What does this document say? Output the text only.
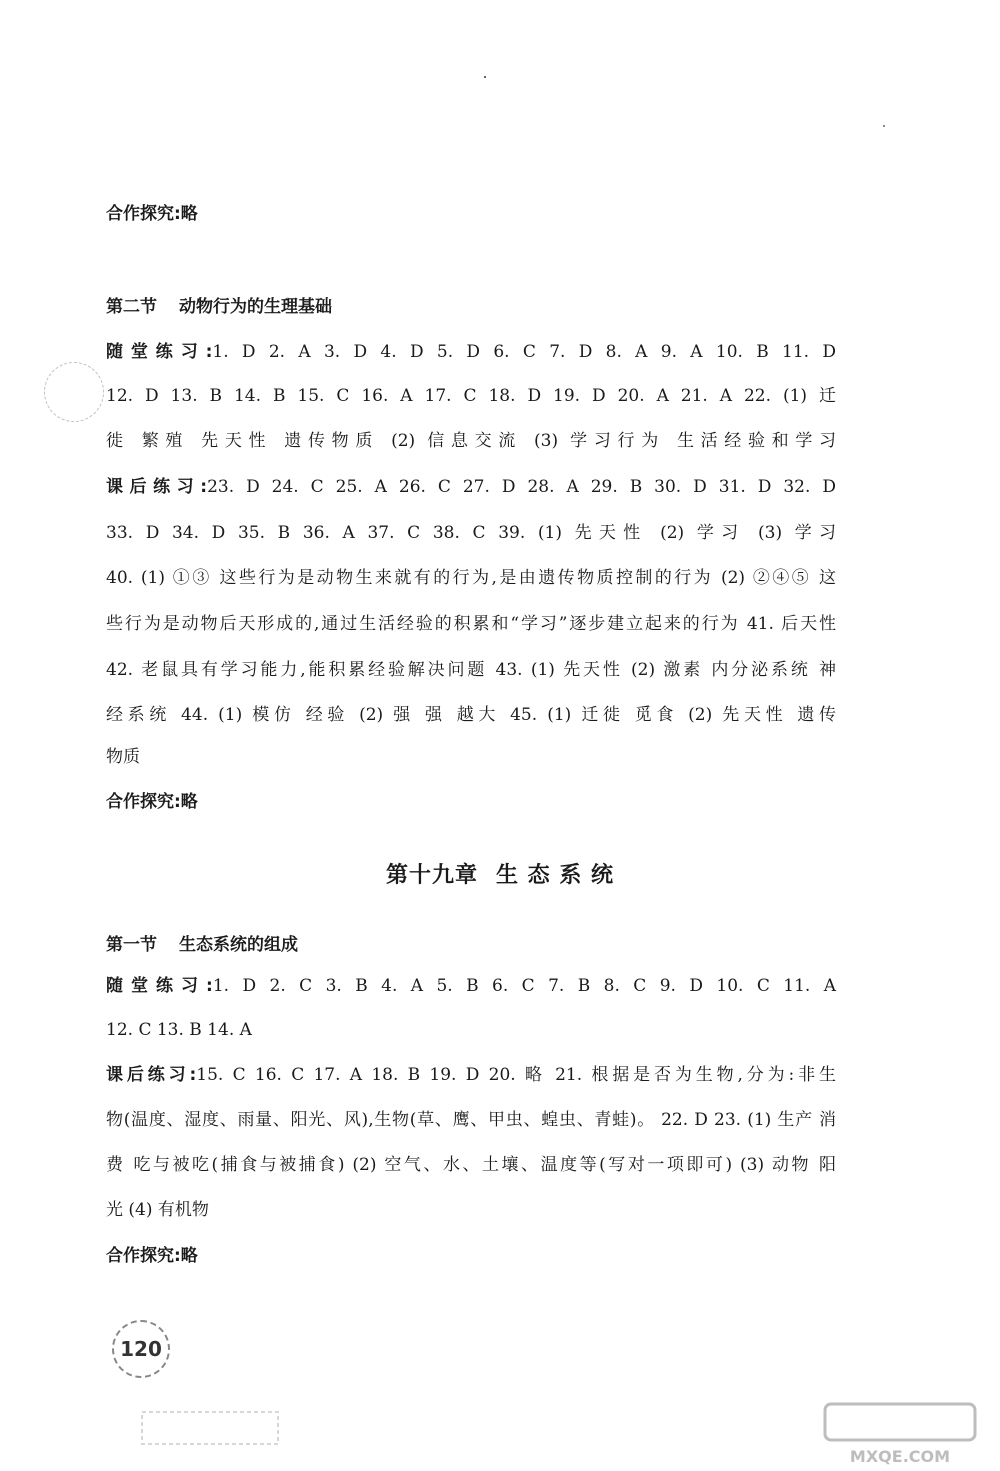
合作探究:略
第二节 动物行为的生理基础
随堂练习:1. D 2. A 3. D 4. D 5. D 6. C 7. D 8. A 9. A 10. B 11. D
12. D 13. B 14. B 15. C 16. A 17. C 18. D 19. D 20. A 21. A 22. (1) 迁
徙 繁殖 先天性 遗传物质 (2) 信息交流 (3) 学习行为 生活经验和学习
课后练习:23. D 24. C 25. A 26. C 27. D 28. A 29. B 30. D 31. D 32. D
33. D 34. D 35. B 36. A 37. C 38. C 39. (1) 先天性 (2) 学习 (3) 学习
40. (1) ①③ 这些行为是动物生来就有的行为,是由遗传物质控制的行为 (2) ②④⑤ 这
些行为是动物后天形成的,通过生活经验的积累和“学习”逐步建立起来的行为 41. 后天性
42. 老鼠具有学习能力,能积累经验解决问题 43. (1) 先天性 (2) 激素 内分泌系统 神
经系统 44. (1) 模仿 经验 (2) 强 强 越大 45. (1) 迁徙 觅食 (2) 先天性 遗传
物质
合作探究:略
第十九章 生 态 系 统
第一节 生态系统的组成
随堂练习:1. D 2. C 3. B 4. A 5. B 6. C 7. B 8. C 9. D 10. C 11. A
12. C 13. B 14. A
课后练习:15. C 16. C 17. A 18. B 19. D 20. 略 21. 根据是否为生物,分为:非生
物(温度、湿度、雨量、阳光、风),生物(草、鹰、甲虫、蝗虫、青蛙)。 22. D 23. (1) 生产 消
费 吃与被吃(捕食与被捕食) (2) 空气、水、土壤、温度等(写对一项即可) (3) 动物 阳
光 (4) 有机物
合作探究:略
120
MXQE.COM
